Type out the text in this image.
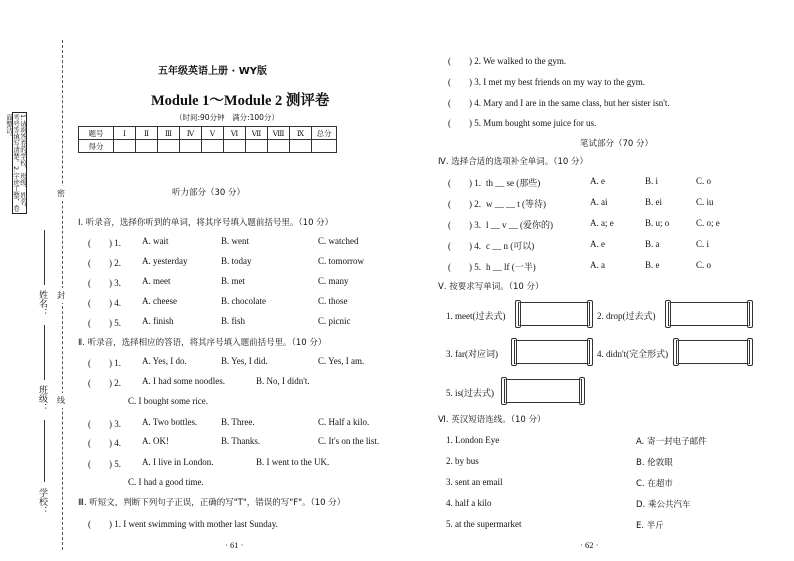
1.请将答卷的学校、班级、姓名、考号等填写清楚。2.字迹工整，卷面整洁。
密
封
线
姓名：
班级：
学校：
五年级英语上册 · WY版
Module 1～Module 2 测评卷
（时间:90分钟　满分:100分）
题号	Ⅰ	Ⅱ	Ⅲ	Ⅳ	Ⅴ	Ⅵ	Ⅶ	Ⅷ	Ⅸ	总分
得分										
听力部分（30 分）
Ⅰ. 听录音，选择你听到的单词，将其序号填入题前括号里。（10 分）
(　　) 1. A. wait	B. went	C. watched
(　　) 2. A. yesterday	B. today	C. tomorrow
(　　) 3. A. meet	B. met	C. many
(　　) 4. A. cheese	B. chocolate	C. those
(　　) 5. A. finish	B. fish	C. picnic
Ⅱ. 听录音，选择相应的答语，将其序号填入题前括号里。（10 分）
(　　) 1. A. Yes, I do.	B. Yes, I did.	C. Yes, I am.
(　　) 2. A. I had some noodles.	B. No, I didn't.
C. I bought some rice.
(　　) 3. A. Two bottles.	B. Three.	C. Half a kilo.
(　　) 4. A. OK!	B. Thanks.	C. It's on the list.
(　　) 5. A. I live in London.	B. I went to the UK.
C. I had a good time.
Ⅲ. 听短文，判断下列句子正误，正确的写"T"，错误的写"F"。（10 分）
(　　) 1. I went swimming with mother last Sunday.
· 61 ·
(　　) 2. We walked to the gym.
(　　) 3. I met my best friends on my way to the gym.
(　　) 4. Mary and I are in the same class, but her sister isn't.
(　　) 5. Mum bought some juice for us.
笔试部分（70 分）
Ⅳ. 选择合适的选项补全单词。（10 分）
(　　) 1. th __ se (那些)	A. e	B. i	C. o
(　　) 2. w __ __ t (等待)	A. ai	B. ei	C. iu
(　　) 3. l __ v __ (爱你的)	A. a; e	B. u; o	C. o; e
(　　) 4. c __ n (可以)	A. e	B. a	C. i
(　　) 5. h __ lf (一半)	A. a	B. e	C. o
Ⅴ. 按要求写单词。（10 分）
1. meet(过去式)	2. drop(过去式)
3. far(对应词)	4. didn't(完全形式)
5. is(过去式)
Ⅵ. 英汉短语连线。（10 分）
1. London Eye	A. 寄一封电子邮件
2. by bus	B. 伦敦眼
3. sent an email	C. 在超市
4. half a kilo	D. 乘公共汽车
5. at the supermarket	E. 半斤
· 62 ·
